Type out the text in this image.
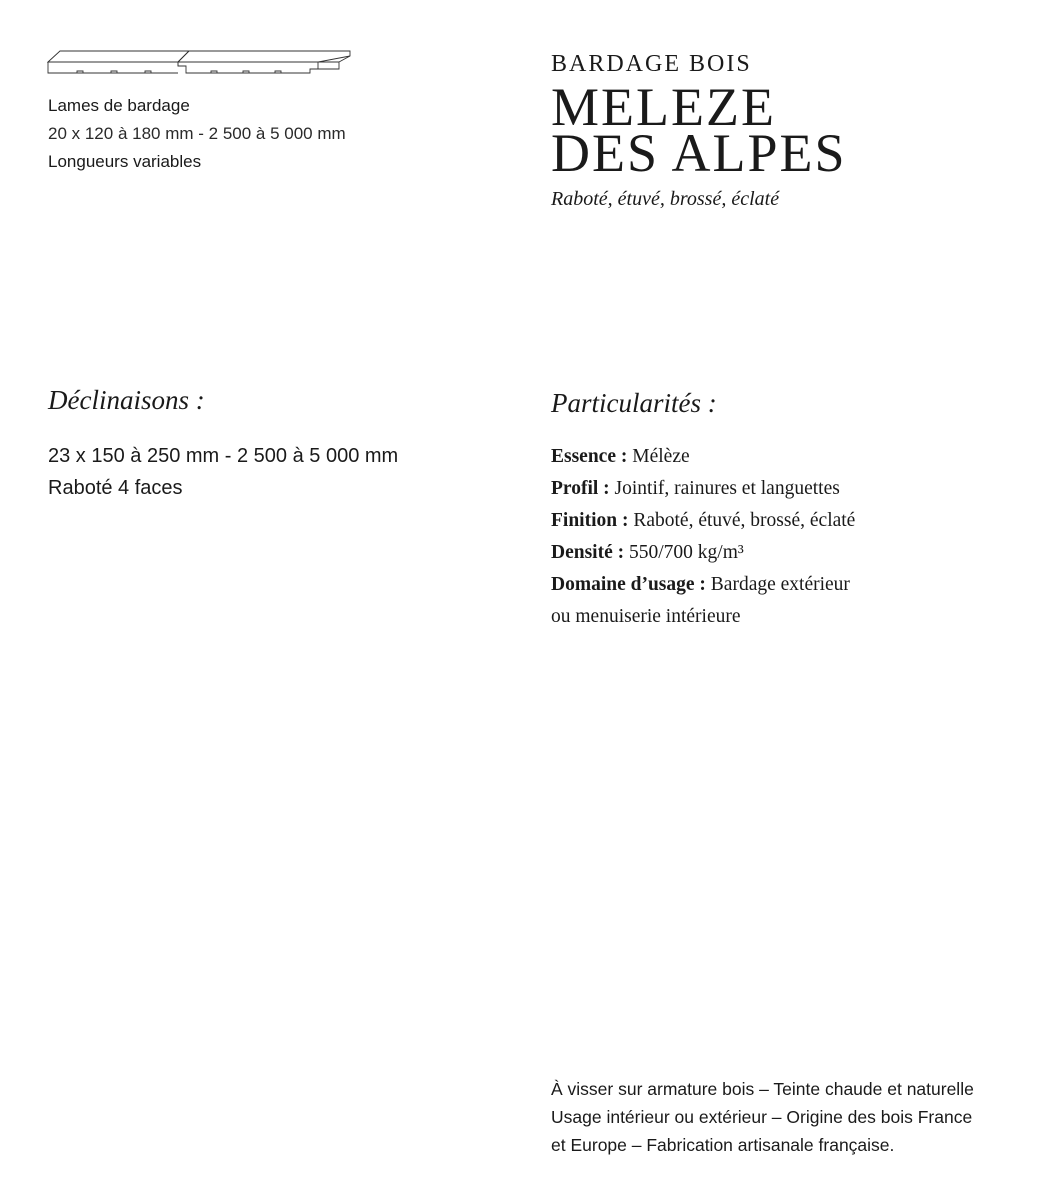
Lames de bardage
20 x 120 à 180 mm - 2 500 à 5 000 mm
Longueurs variables
BARDAGE BOIS
MELEZE
DES ALPES
Raboté, étuvé, brossé, éclaté
Déclinaisons :
23 x 150 à 250 mm - 2 500 à 5 000 mm
Raboté 4 faces
Particularités :
Essence : Mélèze
Profil : Jointif, rainures et languettes
Finition : Raboté, étuvé, brossé, éclaté
Densité : 550/700 kg/m³
Domaine d’usage : Bardage extérieur
ou menuiserie intérieure
À visser sur armature bois – Teinte chaude et naturelle
Usage intérieur ou extérieur – Origine des bois France
et Europe – Fabrication artisanale française.
